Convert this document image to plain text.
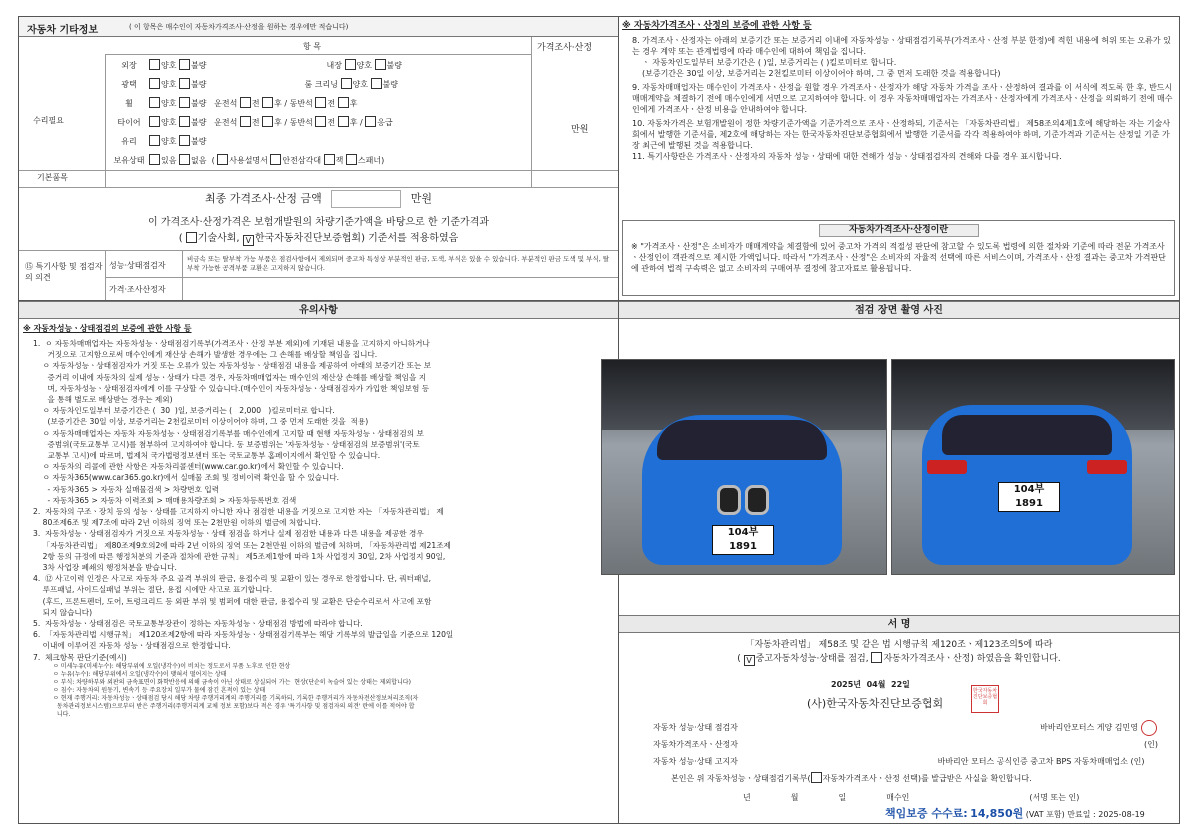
자동차 기타정보	( 이 항목은 매수인이 자동차가격조사·산정을 원하는 경우에만 적습니다)
항 목	가격조사·산정
수리필요
기본품목
만원
외장	양호 불량	내장 양호 불량
광택	양호 불량	룸 크리닝 양호 불량
휠	양호 불량 운전석 전 후 / 동반석 전 후
타이어	양호 불량 운전석 전 후 / 동반석 전 후 / 응급
유리	양호 불량
보유상태 있음 없음  ( 사용설명서 안전삼각대 잭 스패너)
최종 가격조사·산정 금액	만원
이 가격조사·산정가격은 보험개발원의 차량기준가액을 바탕으로 한 기준가격과
( 기술사회, V 한국자동차진단보증협회) 기준서를 적용하였음
⑮ 특기사항 및 점검자의 의견
성능·상태점검자
비금속 또는 탈부착 가능 부품은 점검사항에서 제외되며 중고차 특성상 부분적인 판금, 도색, 부식은 있을 수 있습니다. 부분적인 판금 도색 및 부식, 탈부착 가능한 공격부품 교환은 고지하지 않습니다.
가격·조사산정자
※ 자동차가격조사ㆍ산정의 보증에 관한 사항 등
8. 가격조사ㆍ산정자는 아래의 보증기간 또는 보증거리 이내에 자동차성능ㆍ상태점검기록부(가격조사ㆍ산정 부분 한정)에 적힌 내용에 허위 또는 오류가 있는 경우 계약 또는 관계법령에 따라 매수인에 대하여 책임을 집니다.
ㆍ 자동차인도일부터 보증기간은 ( )일, 보증거리는 ( )킬로미터로 합니다.
(보증기간은 30일 이상, 보증거리는 2천킬로미터 이상이어야 하며, 그 중 먼저 도래한 것을 적용합니다)
9. 자동차매매업자는 매수인이 가격조사ㆍ산정을 원할 경우 가격조사ㆍ산정자가 해당 자동차 가격을 조사ㆍ산정하여 결과를 이 서식에 적도록 한 후, 반드시 매매계약을 체결하기 전에 매수인에게 서면으로 고지하여야 합니다. 이 경우 자동차매매업자는 가격조사ㆍ산정자에게 가격조사ㆍ산정을 의뢰하기 전에 매수인에게 가격조사ㆍ산정 비용을 안내하여야 합니다.
10. 자동차가격은 보험개발원이 정한 차량기준가액을 기준가격으로 조사ㆍ산정하되, 기준서는 「자동차관리법」 제58조의4제1호에 해당하는 자는 기술사회에서 발행한 기준서를, 제2호에 해당하는 자는 한국자동차진단보증협회에서 발행한 기준서를 각각 적용하여야 하며, 기준가격과 기준서는 산정일 기준 가장 최근에 발행된 것을 적용합니다.
11. 특기사항란은 가격조사ㆍ산정자의 자동차 성능ㆍ상태에 대한 견해가 성능ㆍ상태점검자의 견해와 다를 경우 표시합니다.
자동차가격조사·산정이란
※ "가격조사ㆍ산정"은 소비자가 매매계약을 체결함에 있어 중고차 가격의 적절성 판단에 참고할 수 있도록 법령에 의한 절차와 기준에 따라 전문 가격조사ㆍ산정인이 객관적으로 제시한 가액입니다. 따라서 "가격조사ㆍ산정"은 소비자의 자율적 선택에 따른 서비스이며, 가격조사ㆍ산정 결과는 중고차 가격판단에 관하여 법적 구속력은 없고 소비자의 구매여부 결정에 참고자료로 활용됩니다.
유의사항
※ 자동차성능ㆍ상태점검의 보증에 관한 사항 등
1.  ㅇ 자동차매매업자는 자동차성능ㆍ상태점검기록부(가격조사ㆍ산정 부분 제외)에 기재된 내용을 고지하지 아니하거나
거짓으로 고지함으로써 매수인에게 재산상 손해가 발생한 경우에는 그 손해를 배상할 책임을 집니다.
ㅇ 자동차성능ㆍ상태점검자가 거짓 또는 오류가 있는 자동차성능ㆍ상태점검 내용을 제공하여 아래의 보증기간 또는 보
증거리 이내에 자동차의 실제 성능ㆍ상태가 다른 경우, 자동차매매업자는 매수인의 재산상 손해를 배상할 책임을 지
며, 자동차성능ㆍ상태점검자에게 이를 구상할 수 있습니다.(매수인이 자동차성능ㆍ상태점검자가 가입한 책임보험 등
을 통해 별도로 배상받는 경우는 제외)
ㅇ 자동차인도일부터 보증기간은 (  30  )일, 보증거리는 (   2,000   )킬로미터로 합니다.
(보증기간은 30일 이상, 보증거리는 2천킬로미터 이상이어야 하며, 그 중 먼저 도래한 것을  적용)
ㅇ 자동차매매업자는 자동차 자동차성능ㆍ상태점검기록부를 매수인에게 고지할 때 현행 자동차성능ㆍ상태점검의 보
증범위(국토교통부 고시)를 첨부하여 고지하여야 합니다. 동 보증범위는 '자동차성능ㆍ상태점검의 보증범위'(국토
교통부 고시)에 따르며, 법제처 국가법령정보센터 또는 국토교통부 홈페이지에서 확인할 수 있습니다.
ㅇ 자동차의 리콜에 관한 사항은 자동차리콜센터(www.car.go.kr)에서 확인할 수 있습니다.
ㅇ 자동차365(www.car365.go.kr)에서 실매물 조회 및 정비이력 확인을 할 수 있습니다.
- 자동차365 > 자동차 실매물검색 > 차량번호 입력
- 자동차365 > 자동차 이력조회 > 매매용차량조회 > 자동차등록번호 검색
2.  자동차의 구조ㆍ장치 등의 성능ㆍ상태를 고지하지 아니한 자나 점검한 내용을 거짓으로 고지한 자는 「자동차관리법」 제
80조제6조 및 제7조에 따라 2년 이하의 징역 또는 2천만원 이하의 벌금에 처합니다.
3.  자동차성능ㆍ상태점검자가 거짓으로 자동차성능ㆍ상태 점검을 하거나 실제 점검한 내용과 다른 내용을 제공한 경우
「자동차관리법」 제80조제9호의2에 따라 2년 이하의 징역 또는 2천만원 이하의 벌금에 처하며, 「자동차관리법 제21조제
2항 등의 규정에 따른 행정처분의 기준과 절차에 관한 규칙」 제5조제1항에 따라 1차 사업정지 30일, 2차 사업정지 90일,
3차 사업장 폐쇄의 행정처분을 받습니다.
4.  ⑫ 사고이력 인정은 사고로 자동차 주요 골격 부위의 판금, 용접수리 및 교환이 있는 경우로 한정합니다. 단, 쿼터패널,
루프패널, 사이드실패널 부위는 절단, 용접 시에만 사고로 표기합니다.
(후드, 프론트펜더, 도어, 트렁크리드 등 외판 부위 및 범퍼에 대한 판금, 용접수리 및 교환은 단순수리로서 사고에 포함
되지 않습니다)
5.  자동차성능ㆍ상태점검은 국토교통부장관이 정하는 자동차성능ㆍ상태점검 방법에 따라야 합니다.
6.  「자동차관리법 시행규칙」 제120조제2항에 따라 자동차성능ㆍ상태점검기록부는 해당 기록부의 발급일을 기준으로 120일
이내에 이루어진 자동차 성능ㆍ상태점검으로 한정합니다.
7.  체크항목 판단기준(예시)
ㅇ 미세누유(미세누수): 해당부위에 오일(냉각수)이 비치는 정도로서 부품 노후로 인한 현상
ㅇ 누유(누수): 해당부위에서 오일(냉각수)이 맺혀서 떨어지는 상태
ㅇ 부식: 차량하부와 외판의 금속표면이 화학반응에 의해 금속이 아닌 상태로 상실되어 가는  현상(단순히 녹슬어 있는 상태는 제외합니다)
ㅇ 침수: 자동차의 원동기, 변속기 등 주요장치 일부가 물에 잠긴 흔적이 있는 상태
ㅇ 현재 주행거리: 자동차성능ㆍ상태점검 당시 해당 차량 주행거리계의 주행거리를 기록하되, 기록한 주행거리가 자동차전산정보처리조직(자
동차관리정보시스템)으로부터 받은 주행거리(주행거리계 교체 정보 포함)보다 적은 경우 '특기사항 및 점검자의 의견' 란에 이를 적어야 합
니다.
점검 장면 촬영 사진
104부 1891
104부 1891
서 명
「자동차관리법」 제58조 및 같은 법 시행규칙 제120조ㆍ제123조의5에 따라
( V 중고자동차성능·상태를 점검, 자동차가격조사ㆍ산정) 하였음을 확인합니다.
2025년 04월 22일
(사)한국자동차진단보증협회
한국자동차진단보증협회
자동차 성능·상태 점검자	바바리안모터스 게양 김민영
자동차가격조사ㆍ산정자	(인)
자동차 성능·상태 고지자	바바리안 모터스 공식인증 중고차 BPS 자동차매매업소 (인)
본인은 위 자동차성능ㆍ상태점검기록부( 자동차가격조사ㆍ산정 선택)를 발급받은 사실을 확인합니다.
년	월	일	매수인	(서명 또는 인)
책임보증 수수료: 14,850원 (VAT 포함) 만료일 : 2025-08-19
